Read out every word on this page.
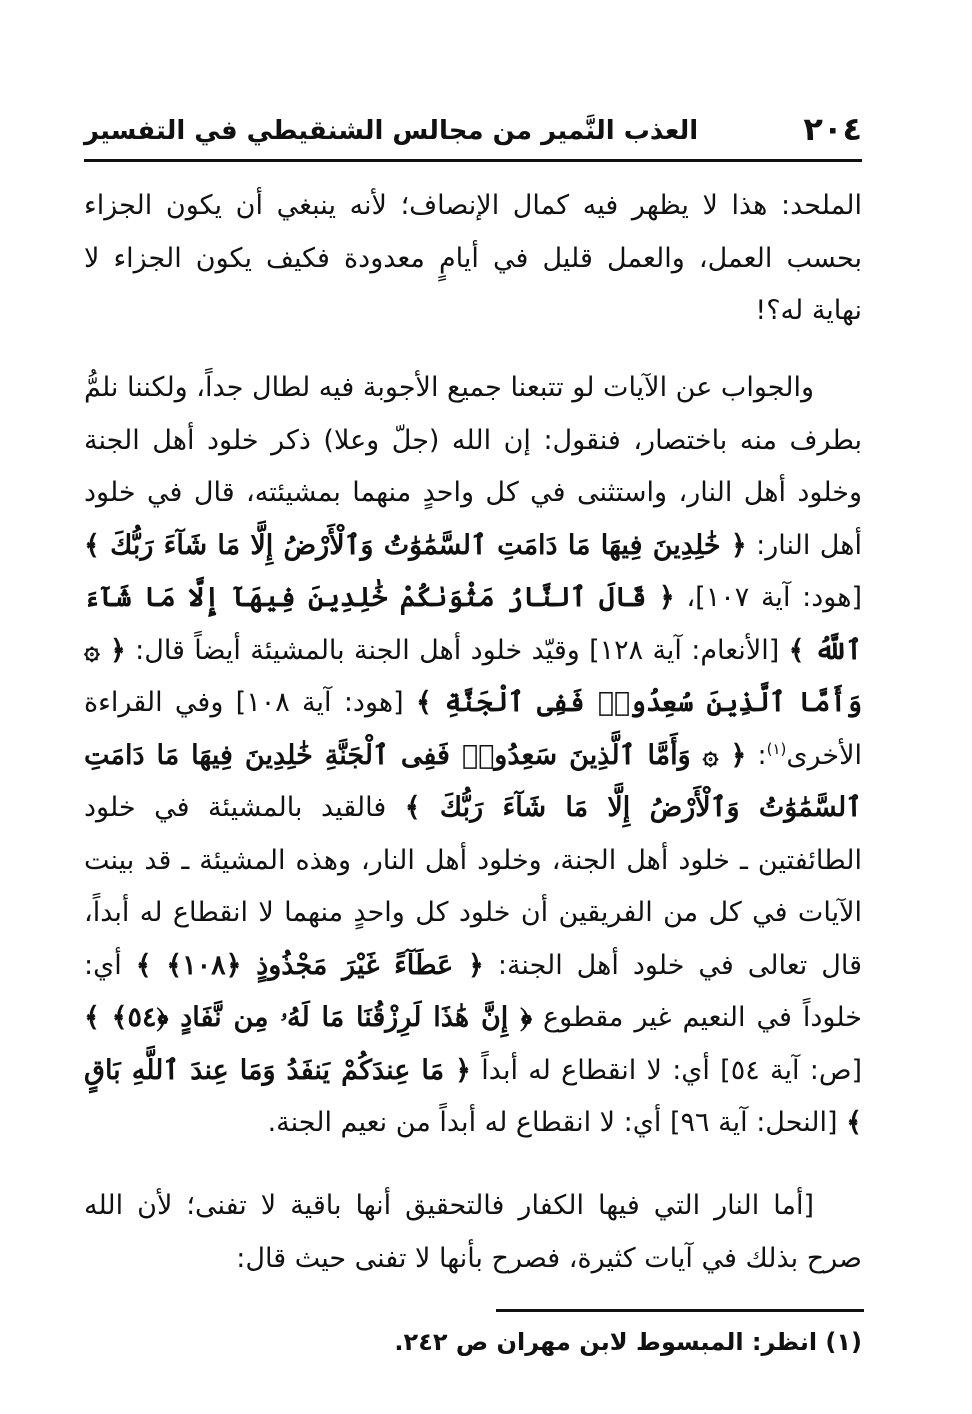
٢٠٤
العذب النَّمير من مجالس الشنقيطي في التفسير
الملحد: هذا لا يظهر فيه كمال الإنصاف؛ لأنه ينبغي أن يكون الجزاء بحسب العمل، والعمل قليل في أيامٍ معدودة فكيف يكون الجزاء لا نهاية له؟!
والجواب عن الآيات لو تتبعنا جميع الأجوبة فيه لطال جداً، ولكننا نلمُّ بطرف منه باختصار، فنقول: إن الله (جلّ وعلا) ذكر خلود أهل الجنة وخلود أهل النار، واستثنى في كل واحدٍ منهما بمشيئته، قال في خلود أهل النار: ﴿ خَٰلِدِينَ فِيهَا مَا دَامَتِ ٱلسَّمَٰوَٰتُ وَٱلْأَرْضُ إِلَّا مَا شَآءَ رَبُّكَ ﴾ [هود: آية ١٠٧]، ﴿ قَالَ ٱلنَّارُ مَثْوَىٰكُمْ خَٰلِدِينَ فِيهَآ إِلَّا مَا شَآءَ ٱللَّهُ ﴾ [الأنعام: آية ١٢٨] وقيّد خلود أهل الجنة بالمشيئة أيضاً قال: ﴿ ۞ وَأَمَّا ٱلَّذِينَ سُعِدُوا۟ فَفِى ٱلْجَنَّةِ ﴾ [هود: آية ١٠٨] وفي القراءة الأخرى$^{(١)}$: ﴿ ۞ وَأَمَّا ٱلَّذِينَ سَعِدُوا۟ فَفِى ٱلْجَنَّةِ خَٰلِدِينَ فِيهَا مَا دَامَتِ ٱلسَّمَٰوَٰتُ وَٱلْأَرْضُ إِلَّا مَا شَآءَ رَبُّكَ ﴾ فالقيد بالمشيئة في خلود الطائفتين ـ خلود أهل الجنة، وخلود أهل النار، وهذه المشيئة ـ قد بينت الآيات في كل من الفريقين أن خلود كل واحدٍ منهما لا انقطاع له أبداً، قال تعالى في خلود أهل الجنة: ﴿ عَطَآءً غَيْرَ مَجْذُوذٍ ﴿١٠٨﴾ ﴾ أي: خلوداً في النعيم غير مقطوع ﴿ إِنَّ هَٰذَا لَرِزْقُنَا مَا لَهُۥ مِن نَّفَادٍ ﴿٥٤﴾ ﴾ [ص: آية ٥٤] أي: لا انقطاع له أبداً ﴿ مَا عِندَكُمْ يَنفَدُ وَمَا عِندَ ٱللَّهِ بَاقٍ ﴾ [النحل: آية ٩٦] أي: لا انقطاع له أبداً من نعيم الجنة.
[أما النار التي فيها الكفار فالتحقيق أنها باقية لا تفنى؛ لأن الله صرح بذلك في آيات كثيرة، فصرح بأنها لا تفنى حيث قال:
(١) انظر: المبسوط لابن مهران ص ٢٤٢.
